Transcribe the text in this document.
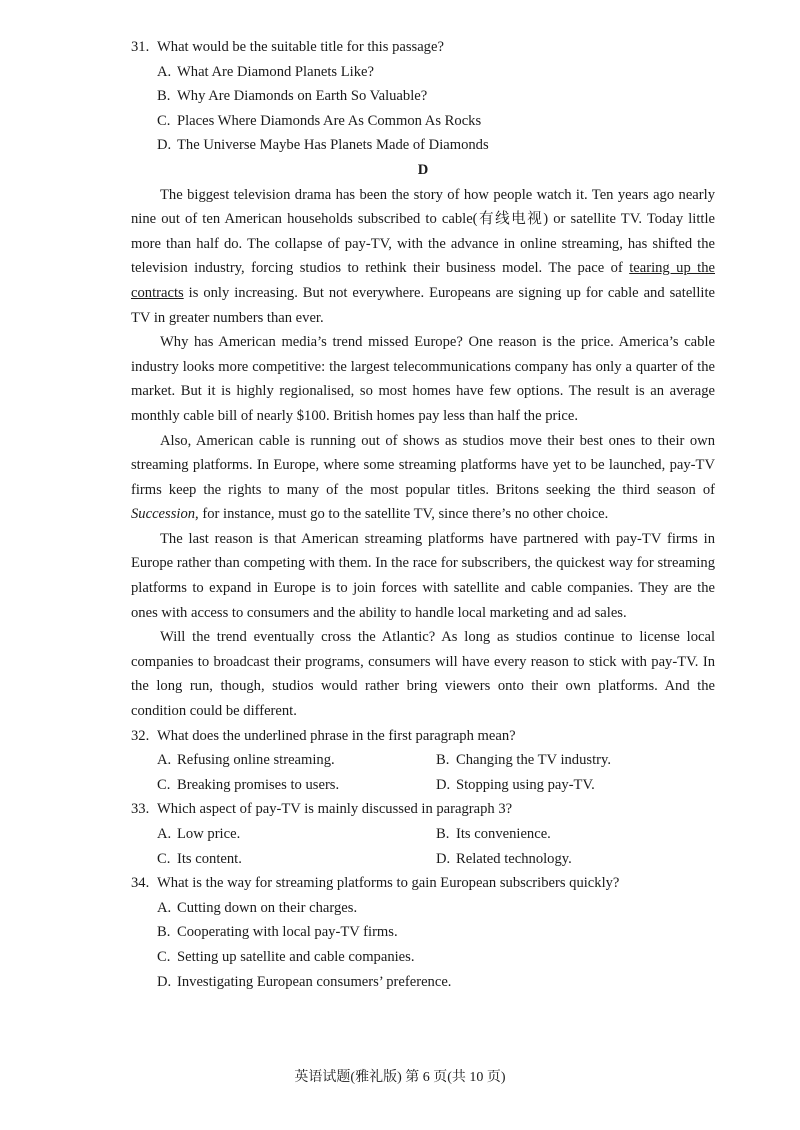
31. What would be the suitable title for this passage?

A. What Are Diamond Planets Like?

B. Why Are Diamonds on Earth So Valuable?

C. Places Where Diamonds Are As Common As Rocks

D. The Universe Maybe Has Planets Made of Diamonds

D

The biggest television drama has been the story of how people watch it. Ten years ago nearly nine out of ten American households subscribed to cable(有线电视) or satellite TV. Today little more than half do. The collapse of pay-TV, with the advance in online streaming, has shifted the television industry, forcing studios to rethink their business model. The pace of tearing up the contracts is only increasing. But not everywhere. Europeans are signing up for cable and satellite TV in greater numbers than ever.

Why has American media’s trend missed Europe? One reason is the price. America’s cable industry looks more competitive: the largest telecommunications company has only a quarter of the market. But it is highly regionalised, so most homes have few options. The result is an average monthly cable bill of nearly $100. British homes pay less than half the price.

Also, American cable is running out of shows as studios move their best ones to their own streaming platforms. In Europe, where some streaming platforms have yet to be launched, pay-TV firms keep the rights to many of the most popular titles. Britons seeking the third season of Succession, for instance, must go to the satellite TV, since there’s no other choice.

The last reason is that American streaming platforms have partnered with pay-TV firms in Europe rather than competing with them. In the race for subscribers, the quickest way for streaming platforms to expand in Europe is to join forces with satellite and cable companies. They are the ones with access to consumers and the ability to handle local marketing and ad sales.

Will the trend eventually cross the Atlantic? As long as studios continue to license local companies to broadcast their programs, consumers will have every reason to stick with pay-TV. In the long run, though, studios would rather bring viewers onto their own platforms. And the condition could be different.

32. What does the underlined phrase in the first paragraph mean?

A. Refusing online streaming.	B. Changing the TV industry.
C. Breaking promises to users.	D. Stopping using pay-TV.

33. Which aspect of pay-TV is mainly discussed in paragraph 3?

A. Low price.	B. Its convenience.
C. Its content.	D. Related technology.

34. What is the way for streaming platforms to gain European subscribers quickly?

A. Cutting down on their charges.

B. Cooperating with local pay-TV firms.

C. Setting up satellite and cable companies.

D. Investigating European consumers’ preference.

英语试题(雅礼版) 第 6 页(共 10 页)
